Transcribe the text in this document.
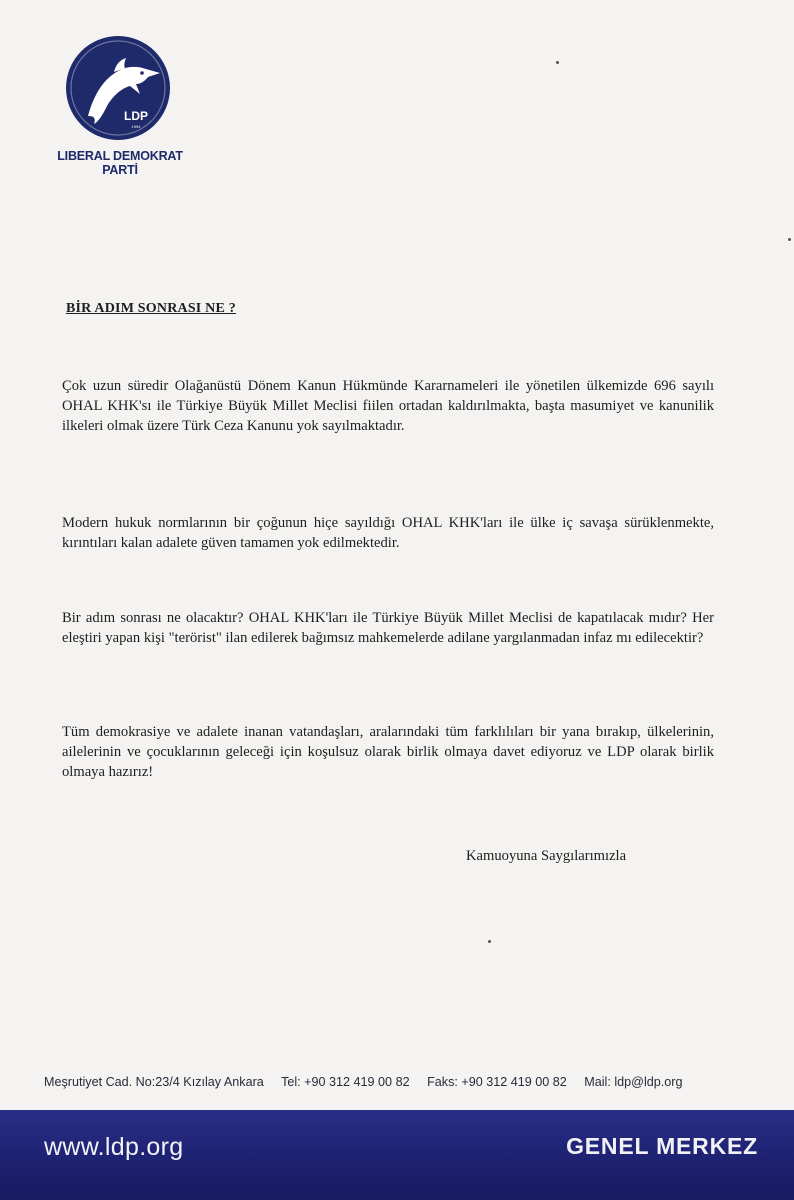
LDP
1994
LIBERAL DEMOKRAT
PARTİ
BİR ADIM SONRASI NE ?
Çok uzun süredir Olağanüstü Dönem Kanun Hükmünde Kararnameleri ile yönetilen ülkemizde 696 sayılı OHAL KHK'sı ile Türkiye Büyük Millet Meclisi fiilen ortadan kaldırılmakta, başta masumiyet ve kanunilik ilkeleri olmak üzere Türk Ceza Kanunu yok sayılmaktadır.
Modern hukuk normlarının bir çoğunun hiçe sayıldığı OHAL KHK'ları ile ülke iç savaşa sürüklenmekte, kırıntıları kalan adalete güven tamamen yok edilmektedir.
Bir adım sonrası ne olacaktır? OHAL KHK'ları ile Türkiye Büyük Millet Meclisi de kapatılacak mıdır? Her eleştiri yapan kişi "terörist" ilan edilerek bağımsız mahkemelerde adilane yargılanmadan infaz mı edilecektir?
Tüm demokrasiye ve adalete inanan vatandaşları, aralarındaki tüm farklılıları bir yana bırakıp, ülkelerinin, ailelerinin ve çocuklarının geleceği için koşulsuz olarak birlik olmaya davet ediyoruz ve LDP olarak birlik olmaya hazırız!
Kamuoyuna Saygılarımızla
Meşrutiyet Cad. No:23/4 Kızılay Ankara Tel: +90 312 419 00 82 Faks: +90 312 419 00 82 Mail: ldp@ldp.org
www.ldp.org	GENEL MERKEZ
